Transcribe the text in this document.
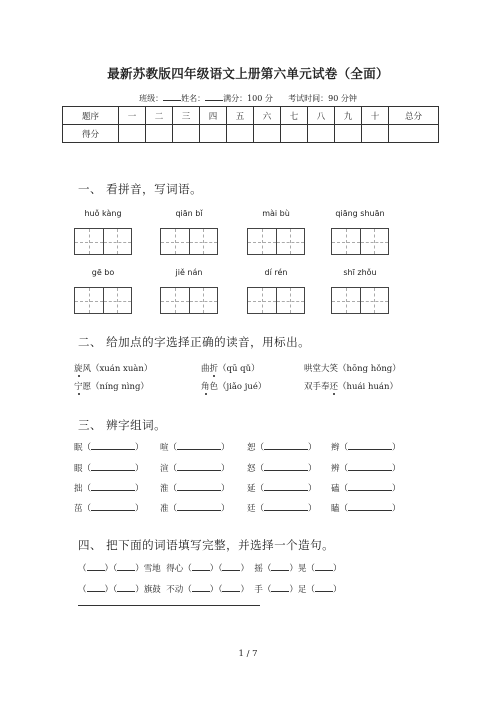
最新苏教版四年级语文上册第六单元试卷（全面）
班级： 姓名： 满分：100 分 考试时间：90 分钟
题序	一	二	三	四	五	六	七	八	九	十	总分
得分											
一、 看拼音，写词语。
huǒ kàng	qiān bǐ	mài bù	qiāng shuān
gē bo	jiě nán	dí rén	shī zhǒu
二、 给加点的字选择正确的读音，用标出。
旋风（xuán xuàn）	曲折（qū qǔ）	哄堂大笑（hōng hǒng）
宁愿（níng nìng）	角色（jiǎo jué）	双手奉还（huái huán）
三、 辨字组词。
眠（	） 喧（	） 恕（	） 辫（	）
眼（	） 渲（	） 怒（	） 辨（	）
拙（	） 淮（	） 延（	） 磕（	）
茁（	） 准（	） 廷（	） 瞌（	）
四、 把下面的词语填写完整，并选择一个造句。
（ ）（ ）雪地 得心（ ）（ ） 摇（ ）晃（ ）
（ ）（ ）旗鼓 不动（ ）（ ） 手（ ）足（ ）
1 / 7
